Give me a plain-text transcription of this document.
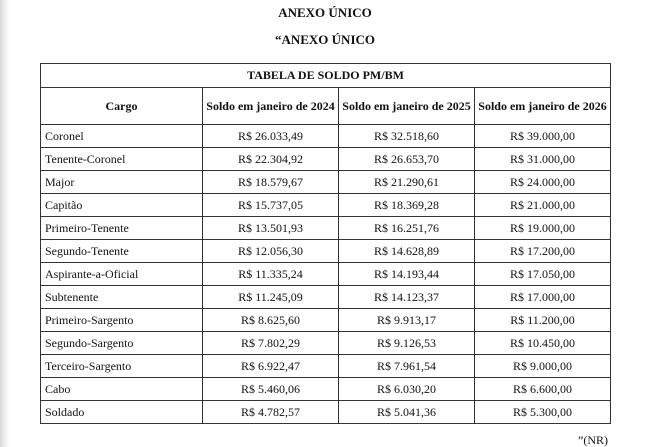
ANEXO ÚNICO
“ANEXO ÚNICO
TABELA DE SOLDO PM/BM			
Cargo	Soldo em janeiro de 2024	Soldo em janeiro de 2025	Soldo em janeiro de 2026
Coronel	R$ 26.033,49	R$ 32.518,60	R$ 39.000,00
Tenente-Coronel	R$ 22.304,92	R$ 26.653,70	R$ 31.000,00
Major	R$ 18.579,67	R$ 21.290,61	R$ 24.000,00
Capitão	R$ 15.737,05	R$ 18.369,28	R$ 21.000,00
Primeiro-Tenente	R$ 13.501,93	R$ 16.251,76	R$ 19.000,00
Segundo-Tenente	R$ 12.056,30	R$ 14.628,89	R$ 17.200,00
Aspirante-a-Oficial	R$ 11.335,24	R$ 14.193,44	R$ 17.050,00
Subtenente	R$ 11.245,09	R$ 14.123,37	R$ 17.000,00
Primeiro-Sargento	R$ 8.625,60	R$ 9.913,17	R$ 11.200,00
Segundo-Sargento	R$ 7.802,29	R$ 9.126,53	R$ 10.450,00
Terceiro-Sargento	R$ 6.922,47	R$ 7.961,54	R$ 9.000,00
Cabo	R$ 5.460,06	R$ 6.030,20	R$ 6.600,00
Soldado	R$ 4.782,57	R$ 5.041,36	R$ 5.300,00
”(NR)
